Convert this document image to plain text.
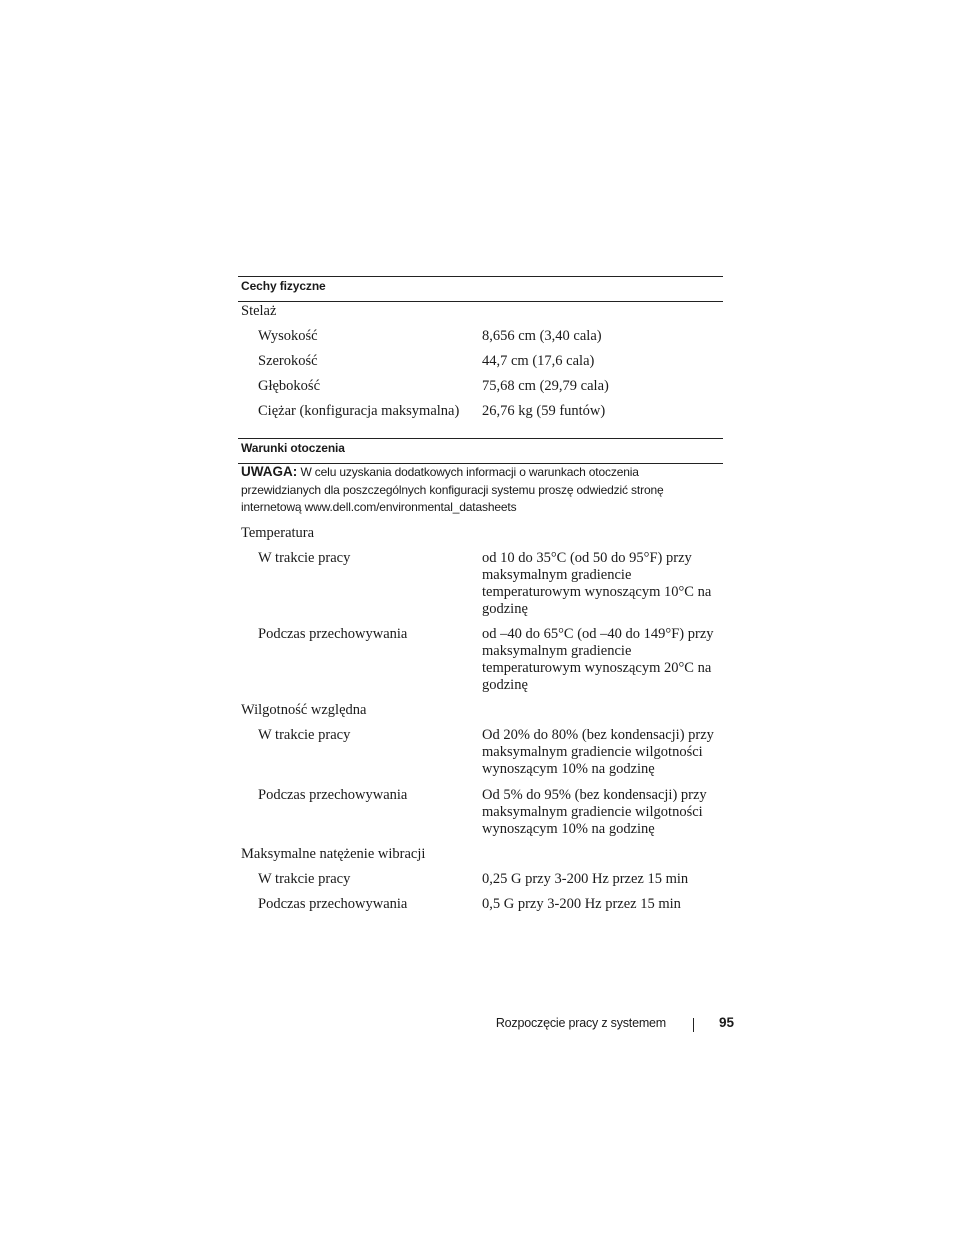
Cechy fizyczne
Stelaż
Wysokość	8,656 cm (3,40 cala)
Szerokość	44,7 cm (17,6 cala)
Głębokość	75,68 cm (29,79 cala)
Ciężar (konfiguracja maksymalna) 26,76 kg (59 funtów)
Warunki otoczenia
UWAGA: W celu uzyskania dodatkowych informacji o warunkach otoczenia przewidzianych dla poszczególnych konfiguracji systemu proszę odwiedzić stronę internetową www.dell.com/environmental_datasheets
Temperatura
W trakcie pracy	od 10 do 35°C (od 50 do 95°F) przy maksymalnym gradiencie temperaturowym wynoszącym 10°C na godzinę
Podczas przechowywania	od –40 do 65°C (od –40 do 149°F) przy maksymalnym gradiencie temperaturowym wynoszącym 20°C na godzinę
Wilgotność względna
W trakcie pracy	Od 20% do 80% (bez kondensacji) przy maksymalnym gradiencie wilgotności wynoszącym 10% na godzinę
Podczas przechowywania	Od 5% do 95% (bez kondensacji) przy maksymalnym gradiencie wilgotności wynoszącym 10% na godzinę
Maksymalne natężenie wibracji
W trakcie pracy	0,25 G przy 3-200 Hz przez 15 min
Podczas przechowywania	0,5 G przy 3-200 Hz przez 15 min
Rozpoczęcie pracy z systemem	95
